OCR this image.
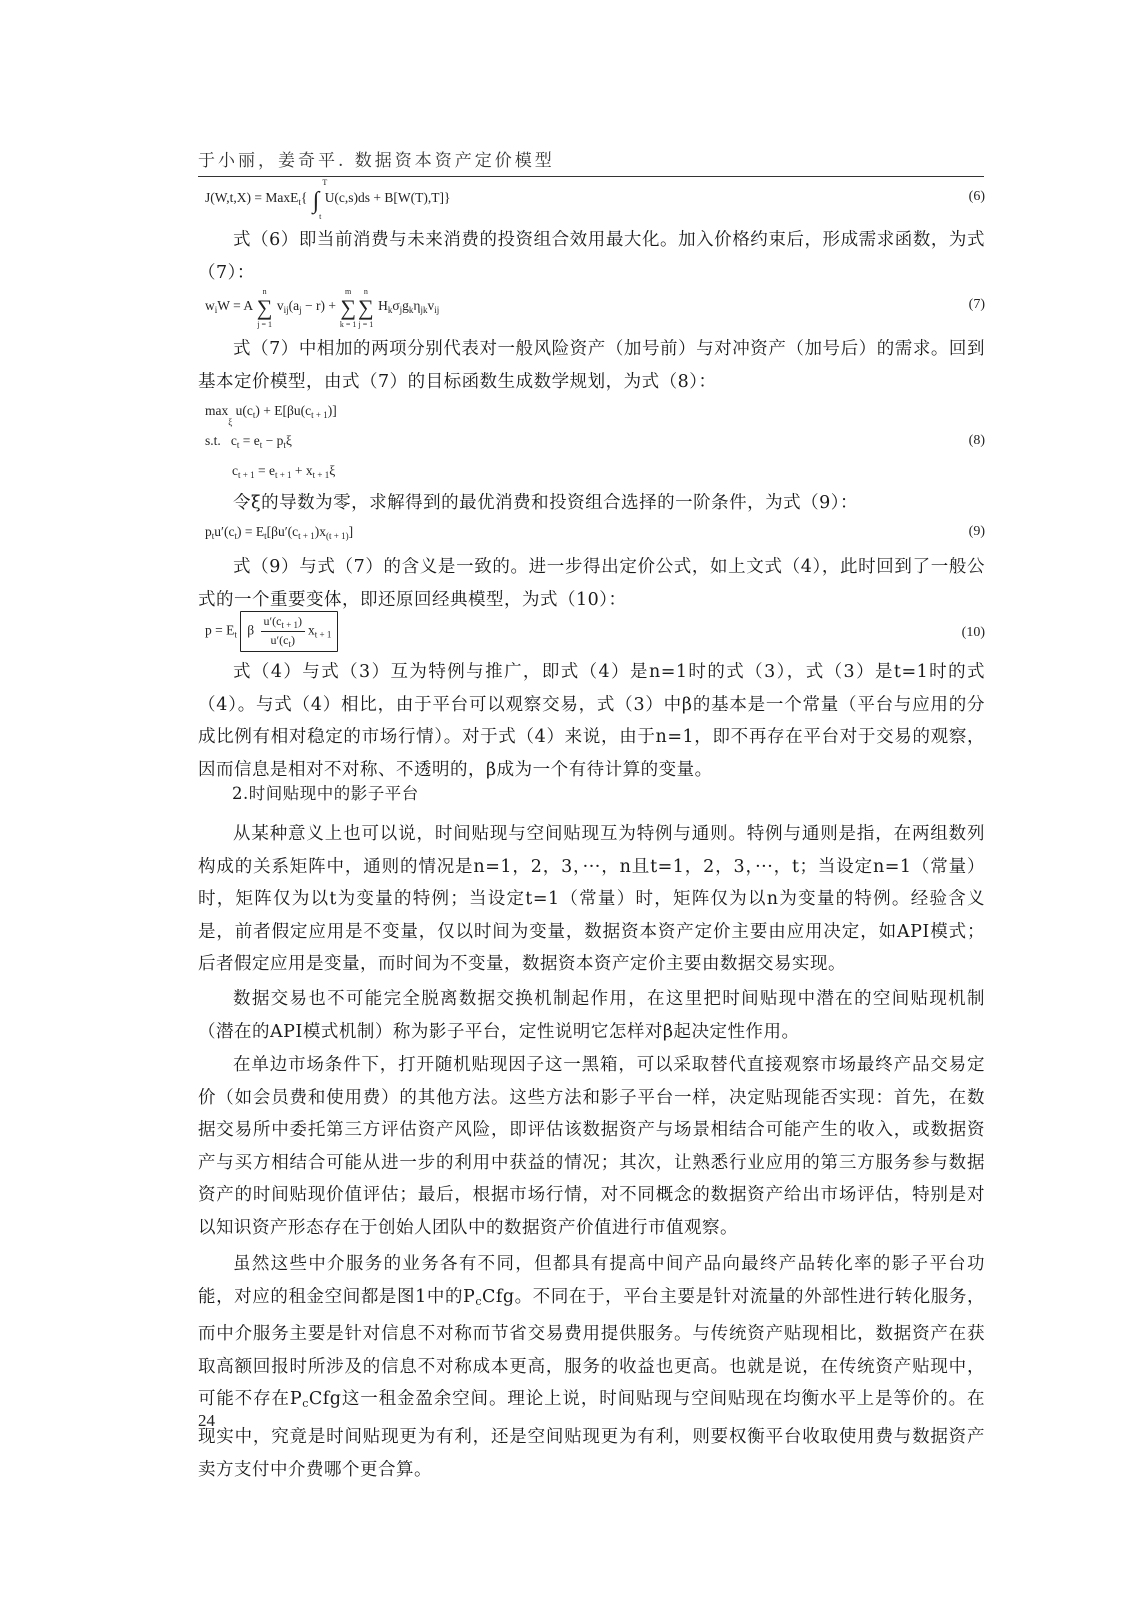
于小丽，姜奇平. 数据资本资产定价模型
J(W,t,X) = MaxE$_t${ ∫
T
t
U(c,s)ds + B[W(T),T]}	(6)

式（6）即当前消费与未来消费的投资组合效用最大化。加入价格约束后，形成需求函数，为式（7）：

$w_iW = A$ ∑
n
j = 1
$v_{ij}(a_j - r)$ + ∑
m
k = 1
∑
n
j = 1
$H_k\sigma_jg_k\eta_{jk}v_{ij}$	(7)

式（7）中相加的两项分别代表对一般风险资产（加号前）与对冲资产（加号后）的需求。回到基本定价模型，由式（7）的目标函数生成数学规划，为式（8）：

$\max_\xi u(c_t) + E[\beta u(c_{t + 1})]$
s.t. $c_t = e_t - p_t\xi$	(8)
$c_{t + 1} = e_{t + 1} + x_{t + 1}\xi$

令ξ的导数为零，求解得到的最优消费和投资组合选择的一阶条件，为式（9）：

$p_tu'(c_t) = E_t[\beta u'(c_{t + 1})x_{(t + 1)}]$	(9)

式（9）与式（7）的含义是一致的。进一步得出定价公式，如上文式（4），此时回到了一般公式的一个重要变体，即还原回经典模型，为式（10）：

$p = E_t$ β $\frac{u'(c_{t + 1})}{u'(c_t)} x_{t + 1}$	(10)

式（4）与式（3）互为特例与推广，即式（4）是n=1时的式（3），式（3）是t=1时的式（4）。与式（4）相比，由于平台可以观察交易，式（3）中β的基本是一个常量（平台与应用的分成比例有相对稳定的市场行情）。对于式（4）来说，由于n=1，即不再存在平台对于交易的观察，因而信息是相对不对称、不透明的，β成为一个有待计算的变量。

2.时间贴现中的影子平台

从某种意义上也可以说，时间贴现与空间贴现互为特例与通则。特例与通则是指，在两组数列构成的关系矩阵中，通则的情况是n=1，2，3，···，n且t=1，2，3，···，t；当设定n=1（常量）时，矩阵仅为以t为变量的特例；当设定t=1（常量）时，矩阵仅为以n为变量的特例。经验含义是，前者假定应用是不变量，仅以时间为变量，数据资本资产定价主要由应用决定，如API模式；后者假定应用是变量，而时间为不变量，数据资本资产定价主要由数据交易实现。

数据交易也不可能完全脱离数据交换机制起作用，在这里把时间贴现中潜在的空间贴现机制（潜在的API模式机制）称为影子平台，定性说明它怎样对β起决定性作用。

在单边市场条件下，打开随机贴现因子这一黑箱，可以采取替代直接观察市场最终产品交易定价（如会员费和使用费）的其他方法。这些方法和影子平台一样，决定贴现能否实现：首先，在数据交易所中委托第三方评估资产风险，即评估该数据资产与场景相结合可能产生的收入，或数据资产与买方相结合可能从进一步的利用中获益的情况；其次，让熟悉行业应用的第三方服务参与数据资产的时间贴现价值评估；最后，根据市场行情，对不同概念的数据资产给出市场评估，特别是对以知识资产形态存在于创始人团队中的数据资产价值进行市值观察。

虽然这些中介服务的业务各有不同，但都具有提高中间产品向最终产品转化率的影子平台功能，对应的租金空间都是图1中的$P_cCfg$。不同在于，平台主要是针对流量的外部性进行转化服务，而中介服务主要是针对信息不对称而节省交易费用提供服务。与传统资产贴现相比，数据资产在获取高额回报时所涉及的信息不对称成本更高，服务的收益也更高。也就是说，在传统资产贴现中，可能不存在$P_cCfg$这一租金盈余空间。理论上说，时间贴现与空间贴现在均衡水平上是等价的。在现实中，究竟是时间贴现更为有利，还是空间贴现更为有利，则要权衡平台收取使用费与数据资产卖方支付中介费哪个更合算。

24
